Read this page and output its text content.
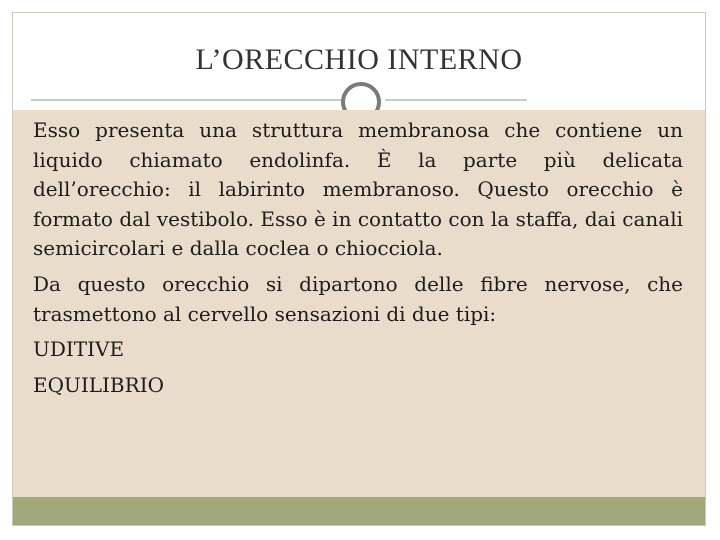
L’ORECCHIO INTERNO

Esso presenta una struttura membranosa che contiene un liquido chiamato endolinfa. È la parte più delicata dell’orecchio: il labirinto membranoso. Questo orecchio è formato dal vestibolo. Esso è in contatto con la staffa, dai canali semicircolari e dalla coclea o chiocciola.

Da questo orecchio si dipartono delle fibre nervose, che trasmettono al cervello sensazioni di due tipi:

UDITIVE
EQUILIBRIO
